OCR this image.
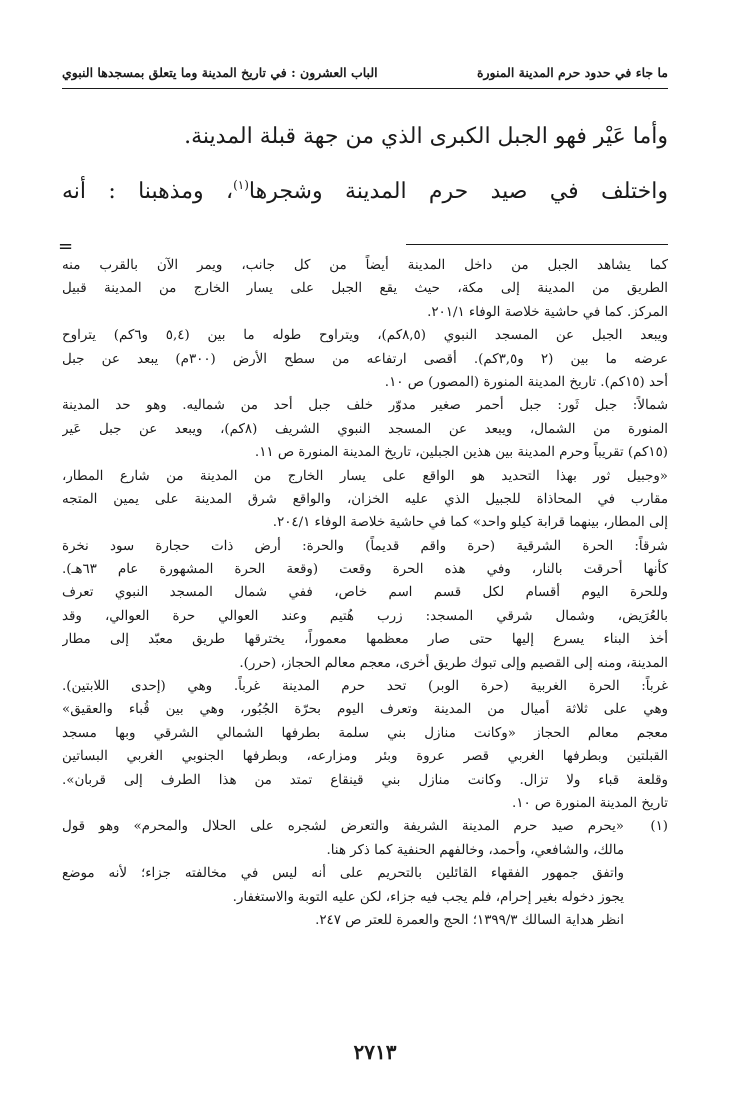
ما جاء في حدود حرم المدينة المنورة
الباب العشرون : في تاريخ المدينة وما يتعلق بمسجدها النبوي
وأما عَيْر فهو الجبل الكبرى الذي من جهة قبلة المدينة.
واختلف في صيد حرم المدينة وشجرها$^{(١)}$، ومذهبنا : أنه
=
كما يشاهد الجبل من داخل المدينة أيضاً من كل جانب، ويمر الآن بالقرب منه
الطريق من المدينة إلى مكة، حيث يقع الجبل على يسار الخارج من المدينة قبيل
المركز. كما في حاشية خلاصة الوفاء ٢٠١/١.
ويبعد الجبل عن المسجد النبوي (٨,٥كم)، ويتراوح طوله ما بين (٥,٤ و٦كم) يتراوح
عرضه ما بين (٢ و٣,٥كم). أقصى ارتفاعه من سطح الأرض (٣٠٠م) يبعد عن جبل
أحد (١٥كم). تاريخ المدينة المنورة (المصور) ص ١٠.
شمالاً: جبل ثَور: جبل أحمر صغير مدوّر خلف جبل أحد من شماليه. وهو حد المدينة
المنورة من الشمال، ويبعد عن المسجد النبوي الشريف (٨كم)، ويبعد عن جبل عَير
(١٥كم) تقريباً وحرم المدينة بين هذين الجبلين، تاريخ المدينة المنورة ص ١١.
«وجبيل ثور بهذا التحديد هو الواقع على يسار الخارج من المدينة من شارع المطار،
مقارب في المحاذاة للجبيل الذي عليه الخزان، والواقع شرق المدينة على يمين المتجه
إلى المطار، بينهما قرابة كيلو واحد» كما في حاشية خلاصة الوفاء ٢٠٤/١.
شرقاً: الحرة الشرقية (حرة واقم قديماً) والحرة: أرض ذات حجارة سود نخرة
كأنها أحرقت بالنار، وفي هذه الحرة وقعت (وقعة الحرة المشهورة عام ٦٣هـ).
وللحرة اليوم أقسام لكل قسم اسم خاص، ففي شمال المسجد النبوي تعرف
بالعُرَيض، وشمال شرقي المسجد: زرب هُتيم وعند العوالي حرة العوالي، وقد
أخذ البناء يسرع إليها حتى صار معظمها معموراً، يخترقها طريق معبّد إلى مطار
المدينة، ومنه إلى القصيم وإلى تبوك طريق أخرى، معجم معالم الحجاز، (حرر).
غرباً: الحرة الغربية (حرة الوبر) تحد حرم المدينة غرباً. وهي (إحدى اللابتين).
وهي على ثلاثة أميال من المدينة وتعرف اليوم بحرّة الجُبُور، وهي بين قُباء والعقيق»
معجم معالم الحجاز «وكانت منازل بني سلمة بطرفها الشمالي الشرقي وبها مسجد
القبلتين وبطرفها الغربي قصر عروة وبئر ومزارعه، وبطرفها الجنوبي الغربي البساتين
وقلعة قباء ولا تزال. وكانت منازل بني قينقاع تمتد من هذا الطرف إلى قربان».
تاريخ المدينة المنورة ص ١٠.
(١)
«يحرم صيد حرم المدينة الشريفة والتعرض لشجره على الحلال والمحرم» وهو قول
مالك، والشافعي، وأحمد، وخالفهم الحنفية كما ذكر هنا.
واتفق جمهور الفقهاء القائلين بالتحريم على أنه ليس في مخالفته جزاء؛ لأنه موضع
يجوز دخوله بغير إحرام، فلم يجب فيه جزاء، لكن عليه التوبة والاستغفار.
انظر هداية السالك ١٣٩٩/٣؛ الحج والعمرة للعتر ص ٢٤٧.
٢٧١٣
